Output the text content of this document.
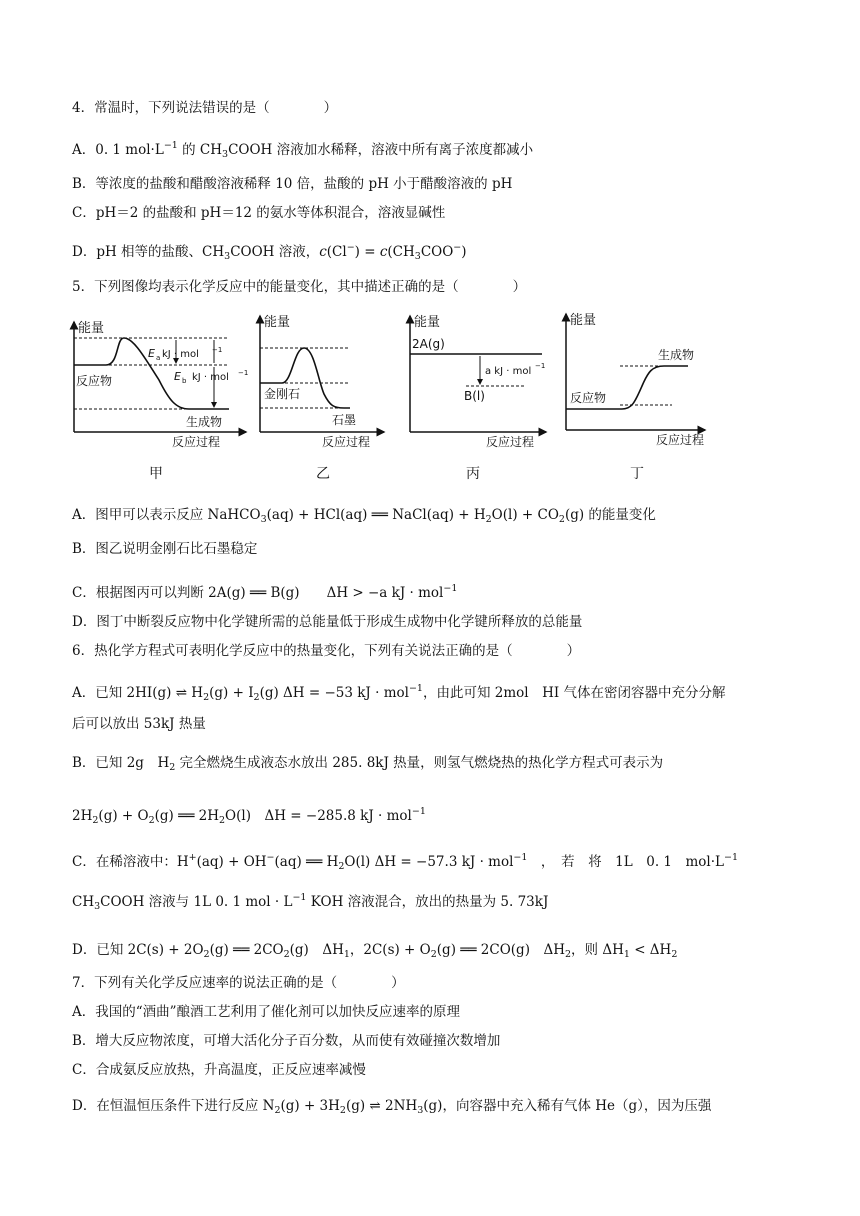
4．常温时，下列说法错误的是（　　　　）
A．0. 1 $mol\cdot L^{-1}$ 的 $CH_3COOH$ 溶液加水稀释，溶液中所有离子浓度都减小
B．等浓度的盐酸和醋酸溶液稀释 10 倍，盐酸的 pH 小于醋酸溶液的 pH
C．pH＝2 的盐酸和 pH＝12 的氨水等体积混合，溶液显碱性
D．pH 相等的盐酸、$CH_3COOH$ 溶液，$c(Cl^-) = c(CH_3COO^-)$
5．下列图像均表示化学反应中的能量变化，其中描述正确的是（　　　　）
能量
反应过程
E a kJ · mol −1
E b kJ · mol −1
反应物
生成物
能量
反应过程
金刚石
石墨
能量
反应过程
2A(g)
B(l)
a kJ · mol −1
能量
反应过程
生成物
反应物
甲	乙	丙	丁
A．图甲可以表示反应 NaHCO$_3$(aq) + HCl(aq) ══ NaCl(aq) + $H_2O(l) + CO_2(g)$ 的能量变化
B．图乙说明金刚石比石墨稳定
C．根据图丙可以判断 2A(g) ══ B(g)　　ΔH > −a kJ · mol$^{-1}$
D．图丁中断裂反应物中化学键所需的总能量低于形成生成物中化学键所释放的总能量
6．热化学方程式可表明化学反应中的热量变化，下列有关说法正确的是（　　　　）
A．已知 2HI(g) ⇌ $H_2(g) + I_2(g) \Delta H = -53$ kJ · mol$^{-1}$，由此可知 2mol　HI 气体在密闭容器中充分分解
后可以放出 53kJ 热量
B．已知 2g　$H_2$ 完全燃烧生成液态水放出 285. 8kJ 热量，则氢气燃烧热的热化学方程式可表示为
$2H_2(g) + O_2(g)$ ══ $2H_2O(l)$　ΔH = −285.8 kJ · mol$^{-1}$
C．在稀溶液中：H+(aq) + OH−(aq) ══ $H_2O(l) \Delta H = -57.3$ kJ · mol$^{-1}$　，　若　将　1L　0. 1　$mol\cdot L^{-1}$
$CH_3COOH$ 溶液与 1L 0. 1 mol · $L^{-1}$ KOH 溶液混合，放出的热量为 5. 73kJ
D．已知 $2C(s) + 2O_2(g)$ ══ $2CO_2(g)$　$\Delta H_1$，$2C(s) + O_2(g)$ ══ 2CO(g)　$\Delta H_2$，则 $\Delta H_1 < \Delta H_2$
7．下列有关化学反应速率的说法正确的是（　　　　）
A．我国的“酒曲”酿酒工艺利用了催化剂可以加快反应速率的原理
B．增大反应物浓度，可增大活化分子百分数，从而使有效碰撞次数增加
C．合成氨反应放热，升高温度，正反应速率减慢
D．在恒温恒压条件下进行反应 $N_2(g) + 3H_2(g)$ ⇌ $2NH_3(g)$，向容器中充入稀有气体 He（g），因为压强
